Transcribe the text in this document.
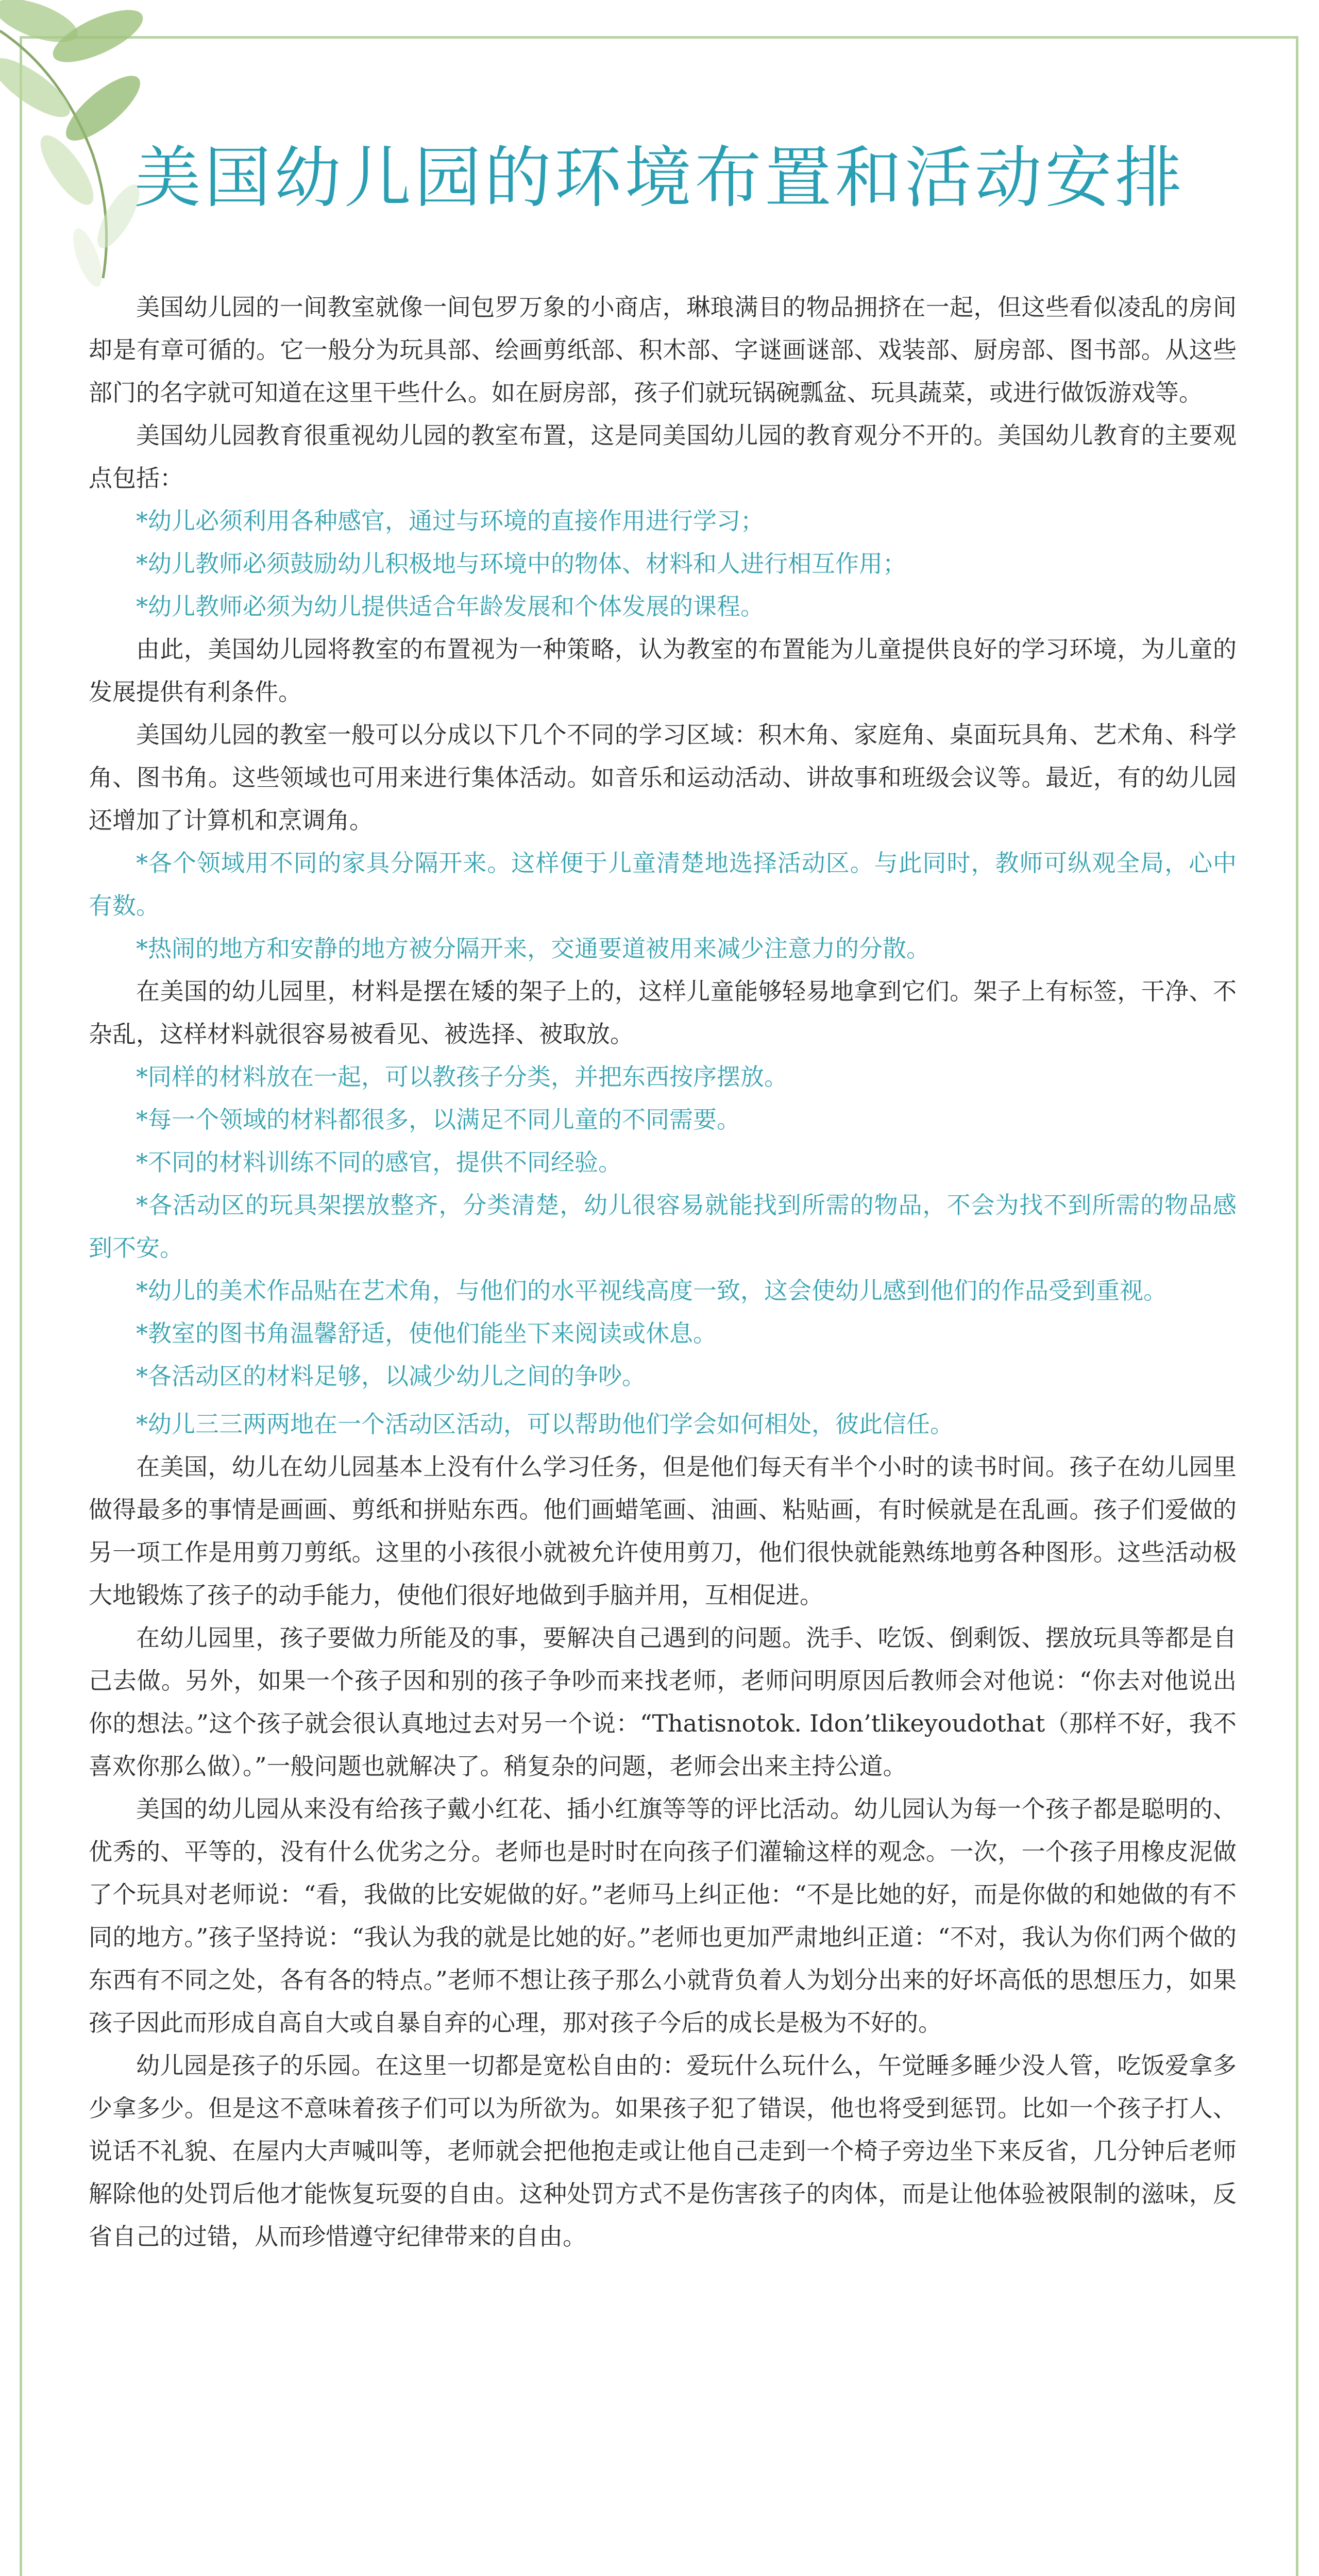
美国幼儿园的环境布置和活动安排

美国幼儿园的一间教室就像一间包罗万象的小商店，琳琅满目的物品拥挤在一起，但这些看似凌乱的房间却是有章可循的。它一般分为玩具部、绘画剪纸部、积木部、字谜画谜部、戏装部、厨房部、图书部。从这些部门的名字就可知道在这里干些什么。如在厨房部，孩子们就玩锅碗瓢盆、玩具蔬菜，或进行做饭游戏等。

美国幼儿园教育很重视幼儿园的教室布置，这是同美国幼儿园的教育观分不开的。美国幼儿教育的主要观点包括：

*幼儿必须利用各种感官，通过与环境的直接作用进行学习；

*幼儿教师必须鼓励幼儿积极地与环境中的物体、材料和人进行相互作用；

*幼儿教师必须为幼儿提供适合年龄发展和个体发展的课程。

由此，美国幼儿园将教室的布置视为一种策略，认为教室的布置能为儿童提供良好的学习环境，为儿童的发展提供有利条件。

美国幼儿园的教室一般可以分成以下几个不同的学习区域：积木角、家庭角、桌面玩具角、艺术角、科学角、图书角。这些领域也可用来进行集体活动。如音乐和运动活动、讲故事和班级会议等。最近，有的幼儿园还增加了计算机和烹调角。

*各个领域用不同的家具分隔开来。这样便于儿童清楚地选择活动区。与此同时，教师可纵观全局，心中有数。

*热闹的地方和安静的地方被分隔开来，交通要道被用来减少注意力的分散。

在美国的幼儿园里，材料是摆在矮的架子上的，这样儿童能够轻易地拿到它们。架子上有标签，干净、不杂乱，这样材料就很容易被看见、被选择、被取放。

*同样的材料放在一起，可以教孩子分类，并把东西按序摆放。

*每一个领域的材料都很多，以满足不同儿童的不同需要。

*不同的材料训练不同的感官，提供不同经验。

*各活动区的玩具架摆放整齐，分类清楚，幼儿很容易就能找到所需的物品，不会为找不到所需的物品感到不安。

*幼儿的美术作品贴在艺术角，与他们的水平视线高度一致，这会使幼儿感到他们的作品受到重视。

*教室的图书角温馨舒适，使他们能坐下来阅读或休息。

*各活动区的材料足够，以减少幼儿之间的争吵。

*幼儿三三两两地在一个活动区活动，可以帮助他们学会如何相处，彼此信任。

在美国，幼儿在幼儿园基本上没有什么学习任务，但是他们每天有半个小时的读书时间。孩子在幼儿园里做得最多的事情是画画、剪纸和拼贴东西。他们画蜡笔画、油画、粘贴画，有时候就是在乱画。孩子们爱做的另一项工作是用剪刀剪纸。这里的小孩很小就被允许使用剪刀，他们很快就能熟练地剪各种图形。这些活动极大地锻炼了孩子的动手能力，使他们很好地做到手脑并用，互相促进。

在幼儿园里，孩子要做力所能及的事，要解决自己遇到的问题。洗手、吃饭、倒剩饭、摆放玩具等都是自己去做。另外，如果一个孩子因和别的孩子争吵而来找老师，老师问明原因后教师会对他说：“你去对他说出你的想法。”这个孩子就会很认真地过去对另一个说：“Thatisnotok. Idon’tlikeyoudothat（那样不好，我不喜欢你那么做）。”一般问题也就解决了。稍复杂的问题，老师会出来主持公道。

美国的幼儿园从来没有给孩子戴小红花、插小红旗等等的评比活动。幼儿园认为每一个孩子都是聪明的、优秀的、平等的，没有什么优劣之分。老师也是时时在向孩子们灌输这样的观念。一次，一个孩子用橡皮泥做了个玩具对老师说：“看，我做的比安妮做的好。”老师马上纠正他：“不是比她的好，而是你做的和她做的有不同的地方。”孩子坚持说：“我认为我的就是比她的好。”老师也更加严肃地纠正道：“不对，我认为你们两个做的东西有不同之处，各有各的特点。”老师不想让孩子那么小就背负着人为划分出来的好坏高低的思想压力，如果孩子因此而形成自高自大或自暴自弃的心理，那对孩子今后的成长是极为不好的。

幼儿园是孩子的乐园。在这里一切都是宽松自由的：爱玩什么玩什么，午觉睡多睡少没人管，吃饭爱拿多少拿多少。但是这不意味着孩子们可以为所欲为。如果孩子犯了错误，他也将受到惩罚。比如一个孩子打人、说话不礼貌、在屋内大声喊叫等，老师就会把他抱走或让他自己走到一个椅子旁边坐下来反省，几分钟后老师解除他的处罚后他才能恢复玩耍的自由。这种处罚方式不是伤害孩子的肉体，而是让他体验被限制的滋味，反省自己的过错，从而珍惜遵守纪律带来的自由。
